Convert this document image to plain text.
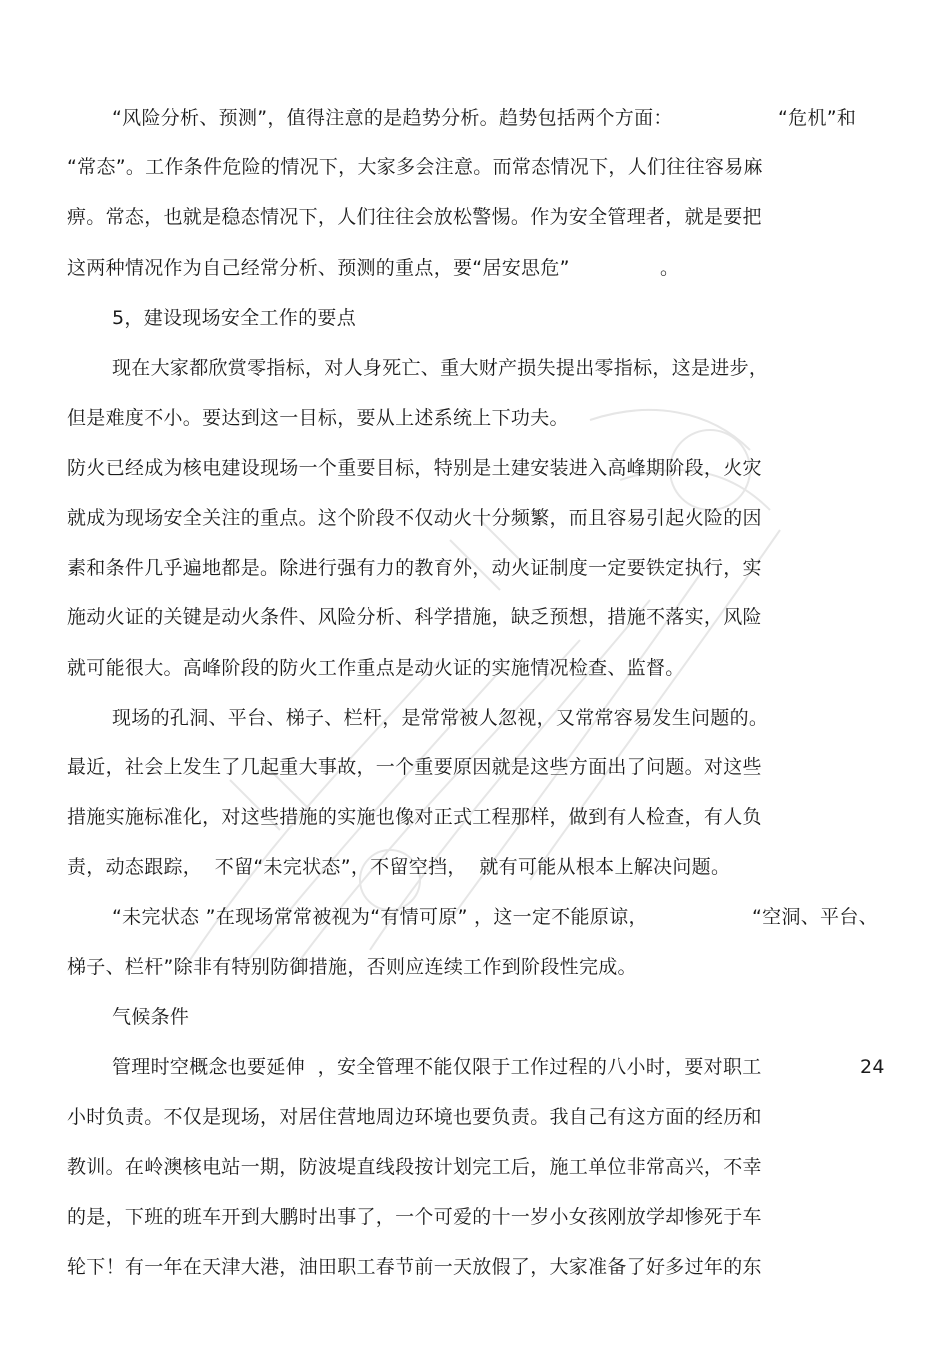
“风险分析、预测”，值得注意的是趋势分析。趋势包括两个方面：	“危机”和
“常态”。工作条件危险的情况下，大家多会注意。而常态情况下，人们往往容易麻
痹。常态，也就是稳态情况下，人们往往会放松警惕。作为安全管理者，就是要把
这两种情况作为自己经常分析、预测的重点，要“居安思危”	。
5，建设现场安全工作的要点
现在大家都欣赏零指标，对人身死亡、重大财产损失提出零指标，这是进步，
但是难度不小。要达到这一目标，要从上述系统上下功夫。
防火已经成为核电建设现场一个重要目标，特别是土建安装进入高峰期阶段，火灾
就成为现场安全关注的重点。这个阶段不仅动火十分频繁，而且容易引起火险的因
素和条件几乎遍地都是。除进行强有力的教育外，动火证制度一定要铁定执行，实
施动火证的关键是动火条件、风险分析、科学措施，缺乏预想，措施不落实，风险
就可能很大。高峰阶段的防火工作重点是动火证的实施情况检查、监督。
现场的孔洞、平台、梯子、栏杆，是常常被人忽视，又常常容易发生问题的。
最近，社会上发生了几起重大事故，一个重要原因就是这些方面出了问题。对这些
措施实施标准化，对这些措施的实施也像对正式工程那样，做到有人检查，有人负
责，动态跟踪，  不留“未完状态”，不留空挡，  就有可能从根本上解决问题。
“未完状态 ”在现场常常被视为“有情可原” ，这一定不能原谅，	“空洞、平台、
梯子、栏杆”除非有特别防御措施，否则应连续工作到阶段性完成。
气候条件
管理时空概念也要延伸  ，安全管理不能仅限于工作过程的八小时，要对职工	24
小时负责。不仅是现场，对居住营地周边环境也要负责。我自己有这方面的经历和
教训。在岭澳核电站一期，防波堤直线段按计划完工后，施工单位非常高兴，不幸
的是，下班的班车开到大鹏时出事了，一个可爱的十一岁小女孩刚放学却惨死于车
轮下！有一年在天津大港，油田职工春节前一天放假了，大家准备了好多过年的东
